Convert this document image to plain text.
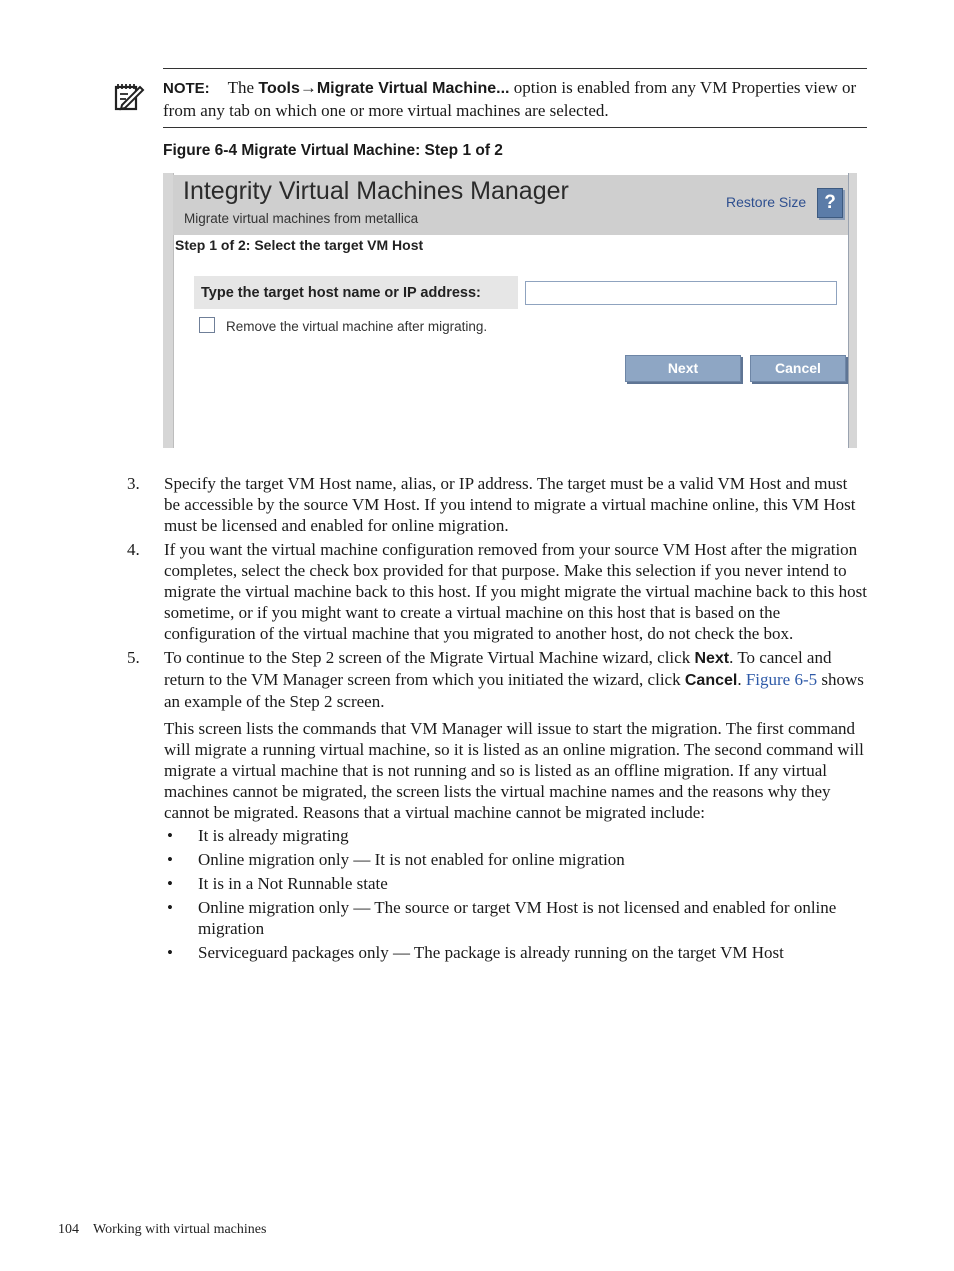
NOTE: The Tools→Migrate Virtual Machine... option is enabled from any VM Properties view or from any tab on which one or more virtual machines are selected.
Figure 6-4 Migrate Virtual Machine: Step 1 of 2
Integrity Virtual Machines Manager
Migrate virtual machines from metallica
Restore Size ?
Step 1 of 2: Select the target VM Host
Type the target host name or IP address:
Remove the virtual machine after migrating.
Next	Cancel
3. Specify the target VM Host name, alias, or IP address. The target must be a valid VM Host and must be accessible by the source VM Host. If you intend to migrate a virtual machine online, this VM Host must be licensed and enabled for online migration.
4. If you want the virtual machine configuration removed from your source VM Host after the migration completes, select the check box provided for that purpose. Make this selection if you never intend to migrate the virtual machine back to this host. If you might migrate the virtual machine back to this host sometime, or if you might want to create a virtual machine on this host that is based on the configuration of the virtual machine that you migrated to another host, do not check the box.
5. To continue to the Step 2 screen of the Migrate Virtual Machine wizard, click Next. To cancel and return to the VM Manager screen from which you initiated the wizard, click Cancel. Figure 6-5 shows an example of the Step 2 screen.
This screen lists the commands that VM Manager will issue to start the migration. The first command will migrate a running virtual machine, so it is listed as an online migration. The second command will migrate a virtual machine that is not running and so is listed as an offline migration. If any virtual machines cannot be migrated, the screen lists the virtual machine names and the reasons why they cannot be migrated. Reasons that a virtual machine cannot be migrated include:
• It is already migrating
• Online migration only — It is not enabled for online migration
• It is in a Not Runnable state
• Online migration only — The source or target VM Host is not licensed and enabled for online migration
• Serviceguard packages only — The package is already running on the target VM Host
104 Working with virtual machines
